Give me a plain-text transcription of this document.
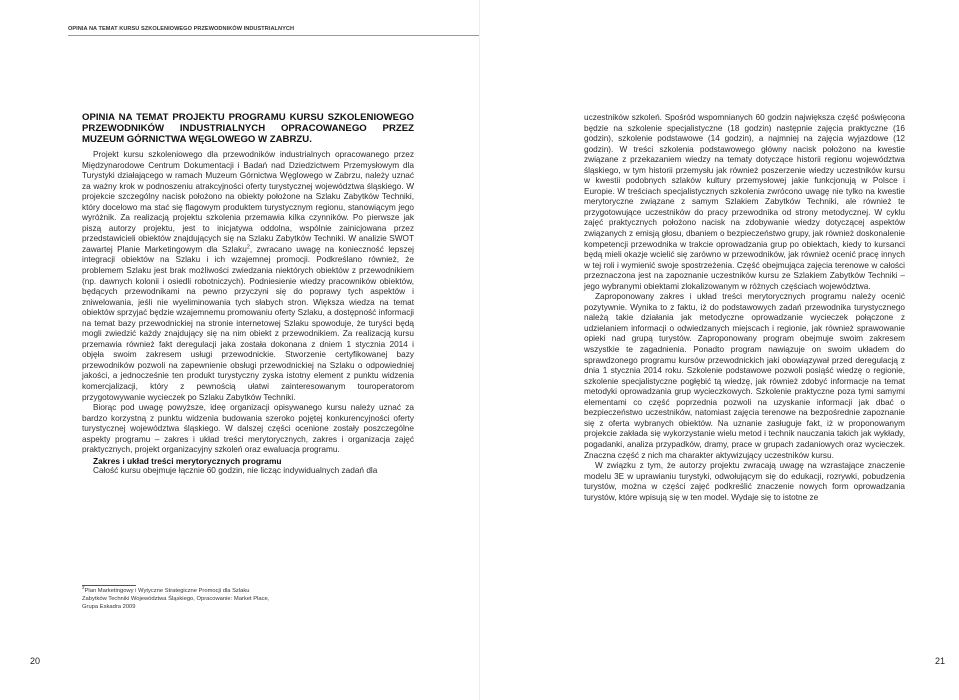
OPINIA NA TEMAT KURSU SZKOLENIOWEGO PRZEWODNIKÓW INDUSTRIALNYCH
OPINIA NA TEMAT PROJEKTU PROGRAMU KURSU SZKOLENIOWEGO PRZEWODNIKÓW INDUSTRIALNYCH OPRACOWANEGO PRZEZ MUZEUM GÓRNICTWA WĘGLOWEGO W ZABRZU.

Projekt kursu szkoleniowego dla przewodników industrialnych opracowanego przez Międzynarodowe Centrum Dokumentacji i Badań nad Dziedzictwem Przemysłowym dla Turystyki działającego w ramach Muzeum Górnictwa Węglowego w Zabrzu, należy uznać za ważny krok w podnoszeniu atrakcyjności oferty turystycznej województwa śląskiego. W projekcie szczególny nacisk położono na obiekty położone na Szlaku Zabytków Techniki, który docelowo ma stać się flagowym produktem turystycznym regionu, stanowiącym jego wyróżnik. Za realizacją projektu szkolenia przemawia kilka czynników. Po pierwsze jak piszą autorzy projektu, jest to inicjatywa oddolna, wspólnie zainicjowana przez przedstawicieli obiektów znajdujących się na Szlaku Zabytków Techniki. W analizie SWOT zawartej Planie Marketingowym dla Szlaku$^2$, zwracano uwagę na konieczność lepszej integracji obiektów na Szlaku i ich wzajemnej promocji. Podkreślano również, że problemem Szlaku jest brak możliwości zwiedzania niektórych obiektów z przewodnikiem (np. dawnych kolonii i osiedli robotniczych). Podniesienie wiedzy pracowników obiektów, będących przewodnikami na pewno przyczyni się do poprawy tych aspektów i zniwelowania, jeśli nie wyeliminowania tych słabych stron. Większa wiedza na temat obiektów sprzyjać będzie wzajemnemu promowaniu oferty Szlaku, a dostępność informacji na temat bazy przewodnickiej na stronie internetowej Szlaku spowoduje, że turyści będą mogli zwiedzić każdy znajdujący się na nim obiekt z przewodnikiem. Za realizacją kursu przemawia również fakt deregulacji jaka została dokonana z dniem 1 stycznia 2014 i objęła swoim zakresem usługi przewodnickie. Stworzenie certyfikowanej bazy przewodników pozwoli na zapewnienie obsługi przewodnickiej na Szlaku o odpowiedniej jakości, a jednocześnie ten produkt turystyczny zyska istotny element z punktu widzenia komercjalizacji, który z pewnością ułatwi zainteresowanym touroperatorom przygotowywanie wycieczek po Szlaku Zabytków Techniki.

Biorąc pod uwagę powyższe, ideę organizacji opisywanego kursu należy uznać za bardzo korzystną z punktu widzenia budowania szeroko pojętej konkurencyjności oferty turystycznej województwa śląskiego. W dalszej części ocenione zostały poszczególne aspekty programu – zakres i układ treści merytorycznych, zakres i organizacja zajęć praktycznych, projekt organizacyjny szkoleń oraz ewaluacja programu.

Zakres i układ treści merytorycznych programu

Całość kursu obejmuje łącznie 60 godzin, nie licząc indywidualnych zadań dla

$^2$Plan Marketingowy i Wytyczne Strategiczne Promocji dla Szlaku Zabytków Techniki Województwa Śląskiego, Opracowanie: Market Place, Grupa Eskadra 2009

uczestników szkoleń. Spośród wspomnianych 60 godzin największa część poświęcona będzie na szkolenie specjalistyczne (18 godzin) następnie zajęcia praktyczne (16 godzin), szkolenie podstawowe (14 godzin), a najmniej na zajęcia wyjazdowe (12 godzin). W treści szkolenia podstawowego główny nacisk położono na kwestie związane z przekazaniem wiedzy na tematy dotyczące historii regionu województwa śląskiego, w tym historii przemysłu jak również poszerzenie wiedzy uczestników kursu w kwestii podobnych szlaków kultury przemysłowej jakie funkcjonują w Polsce i Europie. W treściach specjalistycznych szkolenia zwrócono uwagę nie tylko na kwestie merytoryczne związane z samym Szlakiem Zabytków Techniki, ale również te przygotowujące uczestników do pracy przewodnika od strony metodycznej. W cyklu zajęć praktycznych położono nacisk na zdobywanie wiedzy dotyczącej aspektów związanych z emisją głosu, dbaniem o bezpieczeństwo grupy, jak również doskonalenie kompetencji przewodnika w trakcie oprowadzania grup po obiektach, kiedy to kursanci będą mieli okazje wcielić się zarówno w przewodników, jak również ocenić pracę innych w tej roli i wymienić swoje spostrzeżenia. Część obejmująca zajęcia terenowe w całości przeznaczona jest na zapoznanie uczestników kursu ze Szlakiem Zabytków Techniki – jego wybranymi obiektami zlokalizowanym w różnych częściach województwa.

Zaproponowany zakres i układ treści merytorycznych programu należy ocenić pozytywnie. Wynika to z faktu, iż do podstawowych zadań przewodnika turystycznego należą takie działania jak metodyczne oprowadzanie wycieczek połączone z udzielaniem informacji o odwiedzanych miejscach i regionie, jak również sprawowanie opieki nad grupą turystów. Zaproponowany program obejmuje swoim zakresem wszystkie te zagadnienia. Ponadto program nawiązuje on swoim układem do sprawdzonego programu kursów przewodnickich jaki obowiązywał przed deregulacją z dnia 1 stycznia 2014 roku. Szkolenie podstawowe pozwoli posiąść wiedzę o regionie, szkolenie specjalistyczne pogłębić tą wiedzę, jak również zdobyć informacje na temat metodyki oprowadzania grup wycieczkowych. Szkolenie praktyczne poza tymi samymi elementami co część poprzednia pozwoli na uzyskanie informacji jak dbać o bezpieczeństwo uczestników, natomiast zajęcia terenowe na bezpośrednie zapoznanie się z oferta wybranych obiektów. Na uznanie zasługuje fakt, iż w proponowanym projekcie zakłada się wykorzystanie wielu metod i technik nauczania takich jak wykłady, pogadanki, analiza przypadków, dramy, prace w grupach zadaniowych oraz wycieczek. Znaczna część z nich ma charakter aktywizujący uczestników kursu.

W związku z tym, że autorzy projektu zwracają uwagę na wzrastające znaczenie modelu 3E w uprawianiu turystyki, odwołującym się do edukacji, rozrywki, pobudzenia turystów, można w części zajęć podkreślić znaczenie nowych form oprowadzania turystów, które wpisują się w ten model. Wydaje się to istotne ze

20	21
